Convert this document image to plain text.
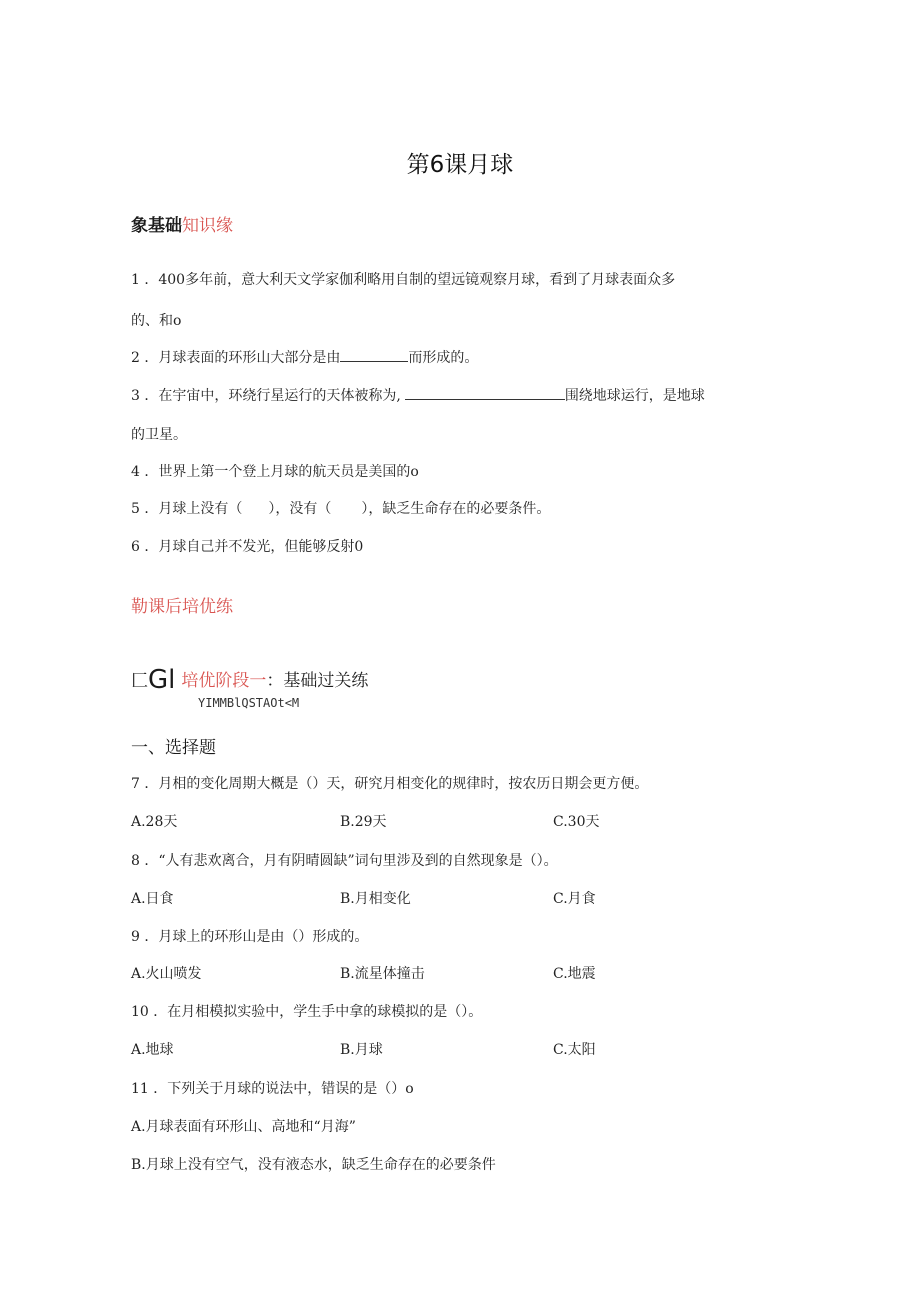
第6课月球
象基础知识缘
1 ．400多年前，意大利天文学家伽利略用自制的望远镜观察月球，看到了月球表面众多
的、和o
2 ．月球表面的环形山大部分是由	而形成的。
3 ．在宇宙中，环绕行星运行的天体被称为,	围绕地球运行，是地球
的卫星。
4 ．世界上第一个登上月球的航天员是美国的o
5 ．月球上没有（ ），没有（ ），缺乏生命存在的必要条件。
6 ．月球自己并不发光，但能够反射0
勒课后培优练
匚Gl 培优阶段一：基础过关练
YIMMBlQSTAOt<M
一、选择题
7 ．月相的变化周期大概是（）天，研究月相变化的规律时，按农历日期会更方便。
A.28天	B.29天	C.30天
8 ．“人有悲欢离合，月有阴晴圆缺”词句里涉及到的自然现象是（）。
A.日食	B.月相变化	C.月食
9 ．月球上的环形山是由（）形成的。
A.火山喷发	B.流星体撞击	C.地震
10 ．在月相模拟实验中，学生手中拿的球模拟的是（）。
A.地球	B.月球	C.太阳
11 ．下列关于月球的说法中，错误的是（）o
A.月球表面有环形山、高地和“月海”
B.月球上没有空气，没有液态水，缺乏生命存在的必要条件
